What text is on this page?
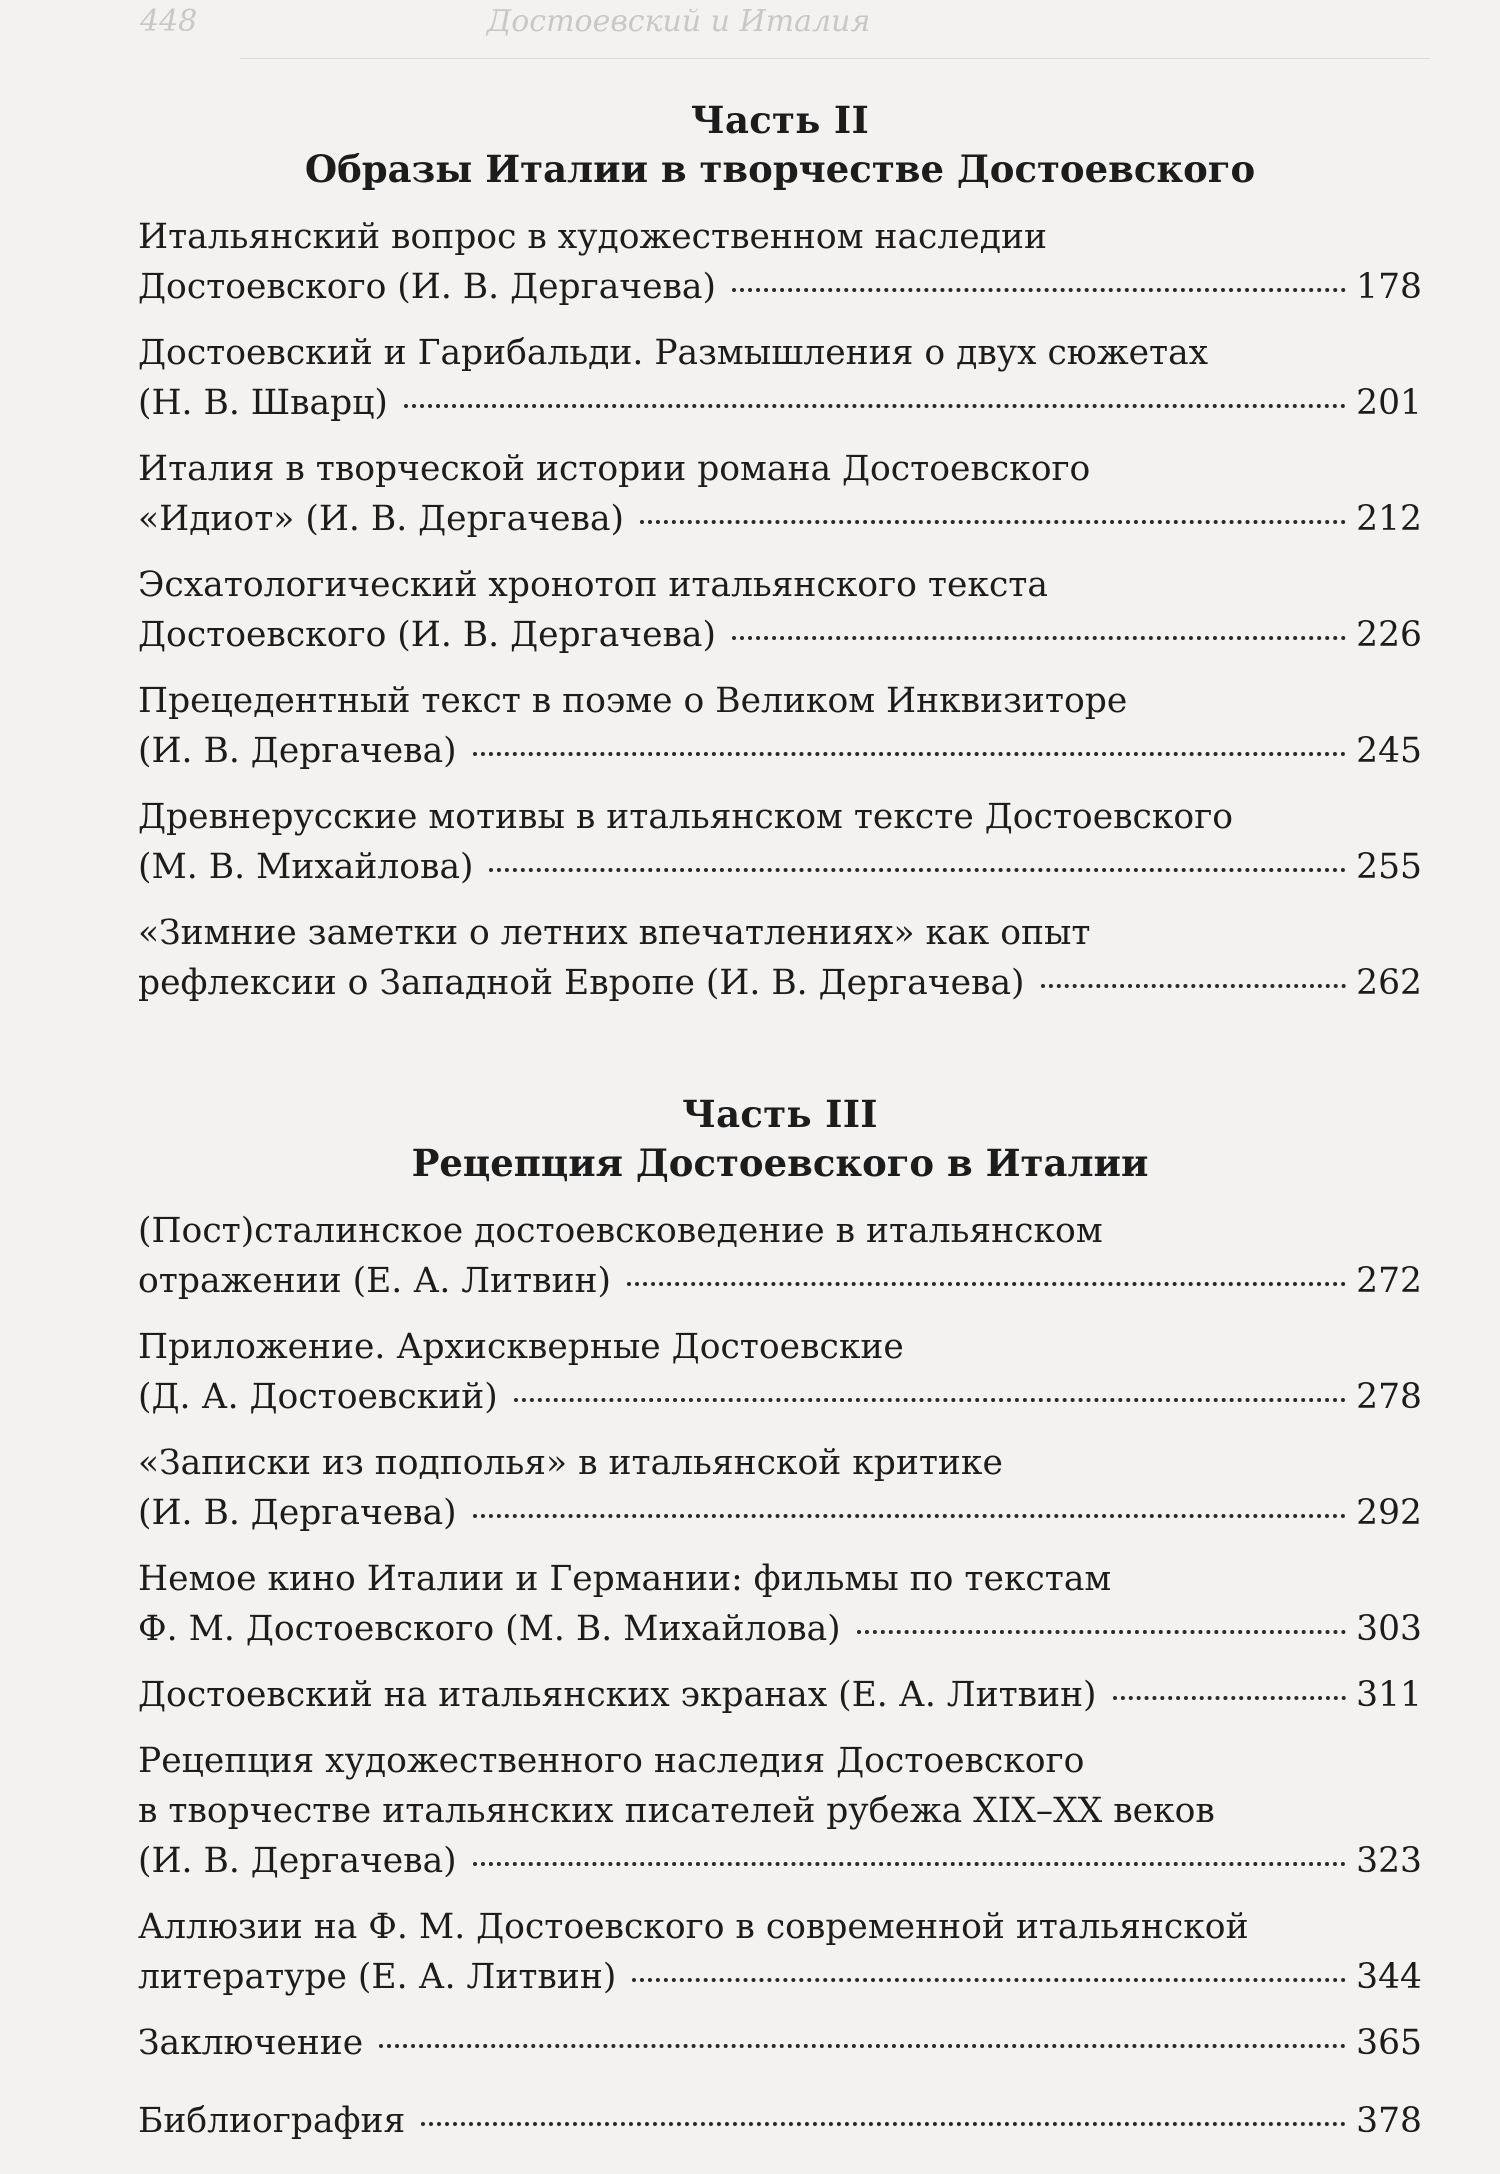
448	Достоевский и Италия
Часть II
Образы Италии в творчестве Достоевского
Итальянский вопрос в художественном наследии
Достоевского (И. В. Дергачева)	178
Достоевский и Гарибальди. Размышления о двух сюжетах
(Н. В. Шварц)	201
Италия в творческой истории романа Достоевского
«Идиот» (И. В. Дергачева)	212
Эсхатологический хронотоп итальянского текста
Достоевского (И. В. Дергачева)	226
Прецедентный текст в поэме о Великом Инквизиторе
(И. В. Дергачева)	245
Древнерусские мотивы в итальянском тексте Достоевского
(М. В. Михайлова)	255
«Зимние заметки о летних впечатлениях» как опыт
рефлексии о Западной Европе (И. В. Дергачева)	262
Часть III
Рецепция Достоевского в Италии
(Пост)сталинское достоевсковедение в итальянском
отражении (Е. А. Литвин)	272
Приложение. Архискверные Достоевские
(Д. А. Достоевский)	278
«Записки из подполья» в итальянской критике
(И. В. Дергачева)	292
Немое кино Италии и Германии: фильмы по текстам
Ф. М. Достоевского (М. В. Михайлова)	303
Достоевский на итальянских экранах (Е. А. Литвин)	311
Рецепция художественного наследия Достоевского
в творчестве итальянских писателей рубежа XIX–XX веков
(И. В. Дергачева)	323
Аллюзии на Ф. М. Достоевского в современной итальянской
литературе (Е. А. Литвин)	344
Заключение	365
Библиография	378
